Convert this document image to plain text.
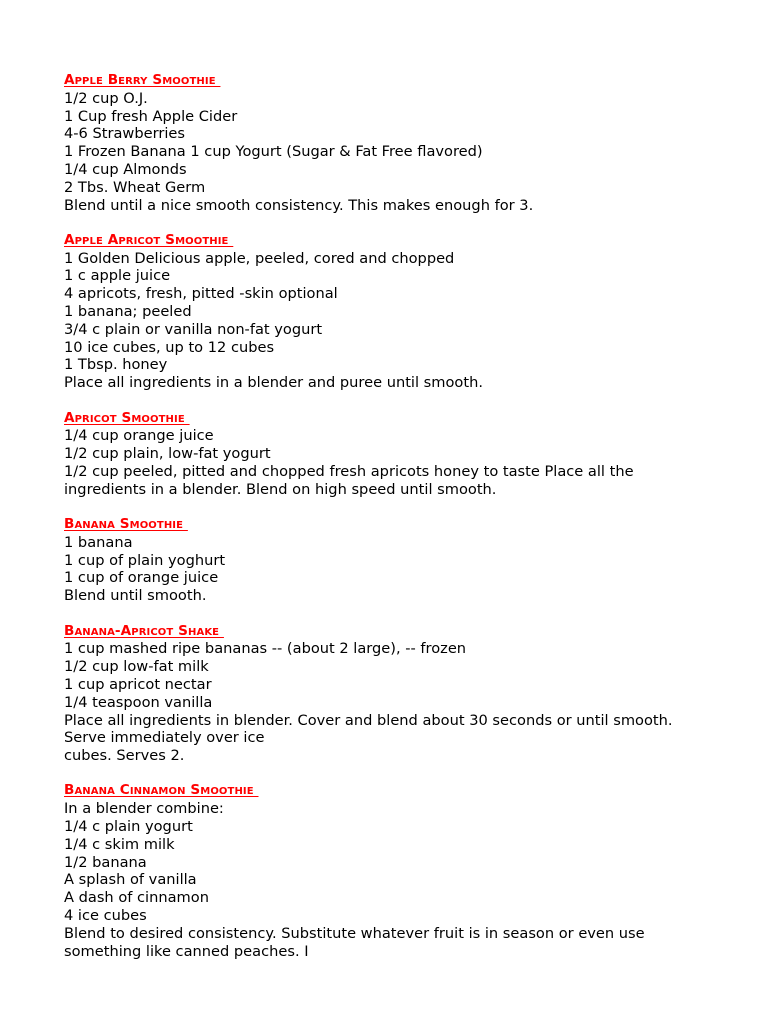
Apple Berry Smoothie
1/2 cup O.J.
1 Cup fresh Apple Cider
4-6 Strawberries
1 Frozen Banana 1 cup Yogurt (Sugar & Fat Free flavored)
1/4 cup Almonds
2 Tbs. Wheat Germ
Blend until a nice smooth consistency. This makes enough for 3.
Apple Apricot Smoothie
1 Golden Delicious apple, peeled, cored and chopped
1 c apple juice
4 apricots, fresh, pitted -skin optional
1 banana; peeled
3/4 c plain or vanilla non-fat yogurt
10 ice cubes, up to 12 cubes
1 Tbsp. honey
Place all ingredients in a blender and puree until smooth.
Apricot Smoothie
1/4 cup orange juice
1/2 cup plain, low-fat yogurt
1/2 cup peeled, pitted and chopped fresh apricots honey to taste Place all the ingredients in a blender. Blend on high speed until smooth.
Banana Smoothie
1 banana
1 cup of plain yoghurt
1 cup of orange juice
Blend until smooth.
Banana-Apricot Shake
1 cup mashed ripe bananas -- (about 2 large), -- frozen
1/2 cup low-fat milk
1 cup apricot nectar
1/4 teaspoon vanilla
Place all ingredients in blender. Cover and blend about 30 seconds or until smooth. Serve immediately over ice
cubes. Serves 2.
Banana Cinnamon Smoothie
In a blender combine:
1/4 c plain yogurt
1/4 c skim milk
1/2 banana
A splash of vanilla
A dash of cinnamon
4 ice cubes
Blend to desired consistency. Substitute whatever fruit is in season or even use something like canned peaches. I
